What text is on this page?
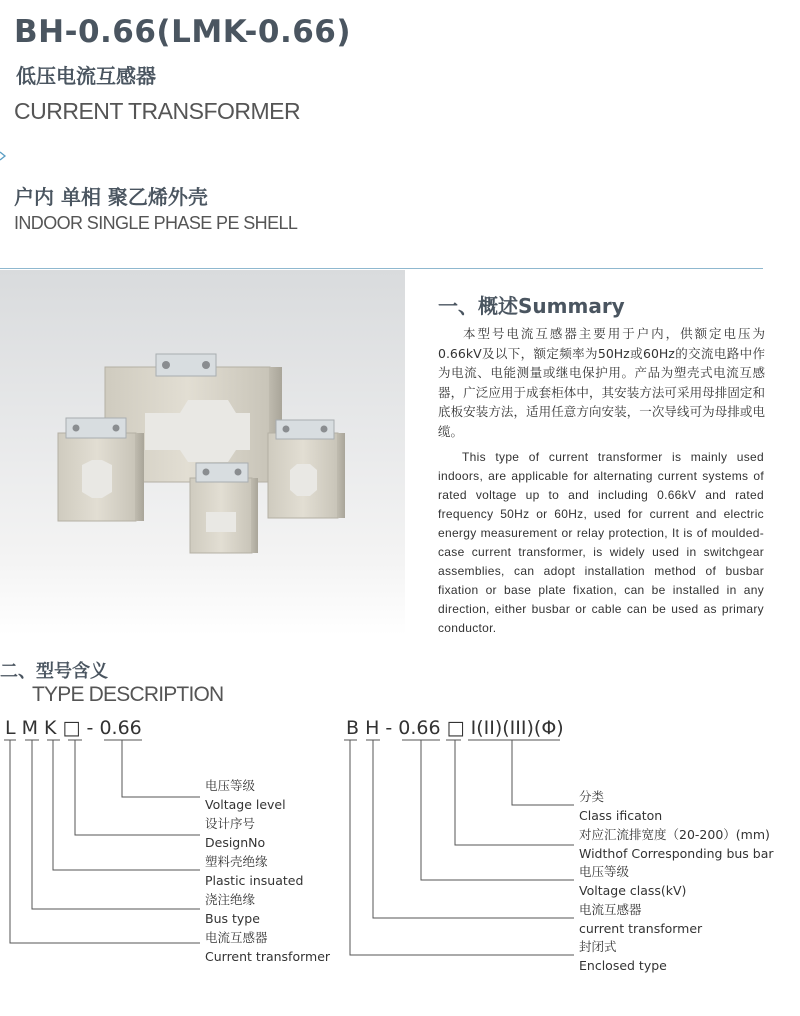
BH-0.66(LMK-0.66)
低压电流互感器
CURRENT TRANSFORMER
户内 单相 聚乙烯外壳
INDOOR SINGLE PHASE PE SHELL
一、概述Summary
本型号电流互感器主要用于户内，供额定电压为0.66kV及以下，额定频率为50Hz或60Hz的交流电路中作为电流、电能测量或继电保护用。产品为塑壳式电流互感器，广泛应用于成套柜体中，其安装方法可采用母排固定和底板安装方法，适用任意方向安装，一次导线可为母排或电缆。
This type of current transformer is mainly used indoors, are applicable for alternating current systems of rated voltage up to and including 0.66kV and rated frequency 50Hz or 60Hz, used for current and electric energy measurement or relay protection, It is of moulded-case current transformer, is widely used in switchgear assemblies, can adopt installation method of busbar fixation or base plate fixation, can be installed in any direction, either busbar or cable can be used as primary conductor.
二、型号含义
TYPE DESCRIPTION
L M K □ - 0.66	B H - 0.66 □ I(II)(III)(Φ)
电压等级
Voltage level
设计序号
DesignNo
塑料壳绝缘
Plastic insuated
浇注绝缘
Bus type
电流互感器
Current transformer
分类
Class ificaton
对应汇流排宽度（20-200）(mm)
Widthof Corresponding bus bar
电压等级
Voltage class(kV)
电流互感器
current transformer
封闭式
Enclosed type
